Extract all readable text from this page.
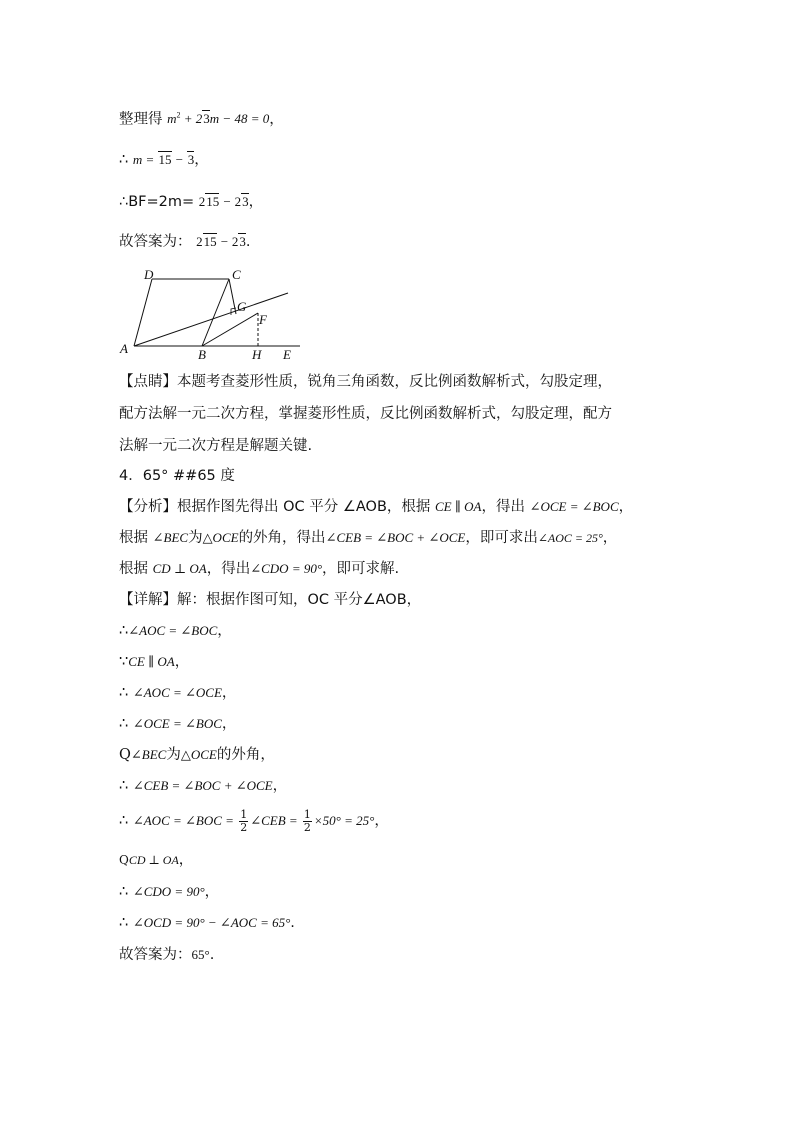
整理得 $m^2 + 23m - 48 = 0$，
∴ m = 15 − 3，
∴BF=2m= 215 − 23，
故答案为： 215 − 23.
A	B
C
D
E
F
G
H
【点睛】本题考查菱形性质，锐角三角函数，反比例函数解析式，勾股定理，
配方法解一元二次方程，掌握菱形性质，反比例函数解析式，勾股定理，配方
法解一元二次方程是解题关键.
4．65° ##65 度
【分析】根据作图先得出 OC 平分 ∠AOB，根据 CE ∥ OA，得出 ∠OCE = ∠BOC，
根据 ∠BEC为△OCE的外角，得出∠CEB = ∠BOC + ∠OCE，即可求出∠AOC = 25°，
根据 CD ⊥ OA，得出∠CDO = 90°，即可求解.
【详解】解：根据作图可知，OC 平分∠AOB，
∴∠AOC = ∠BOC，
∵CE ∥ OA，
∴ ∠AOC = ∠OCE，
∴ ∠OCE = ∠BOC，
Q∠BEC为△OCE的外角，
∴ ∠CEB = ∠BOC + ∠OCE，
∴ ∠AOC = ∠BOC = $\frac{1}{2}$ ∠CEB = $\frac{1}{2} \times 50^\circ = 25^\circ$，
QCD ⊥ OA，
∴ ∠CDO = 90°，
∴ ∠OCD = 90° − ∠AOC = 65°.
故答案为：65°.
